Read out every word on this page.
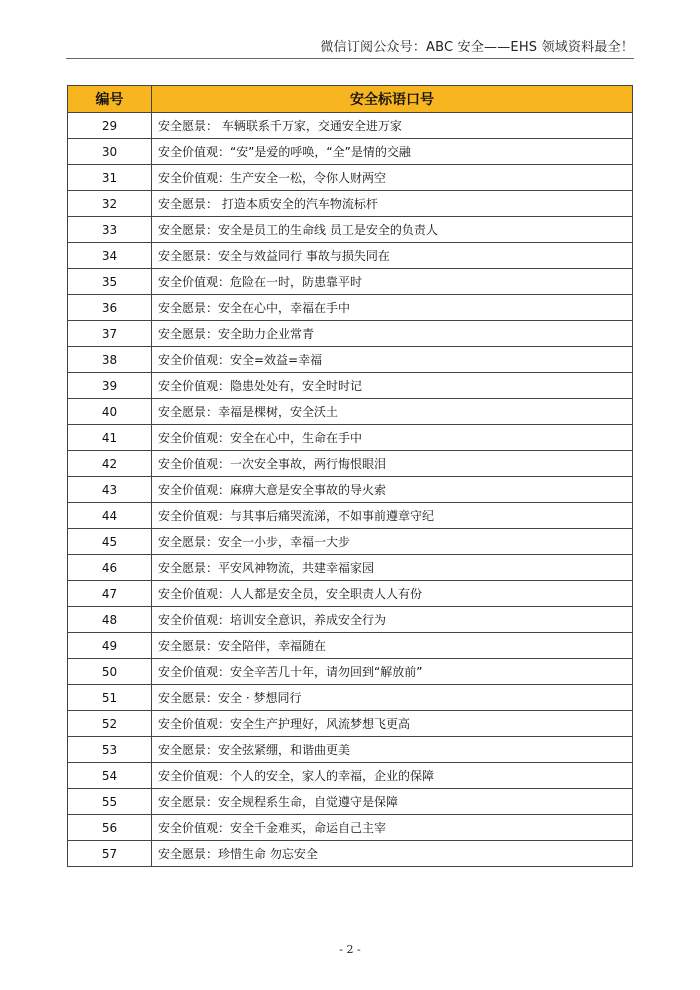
微信订阅公众号：ABC 安全——EHS 领域资料最全！
编号	安全标语口号
29	安全愿景： 车辆联系千万家，交通安全进万家
30	安全价值观：“安”是爱的呼唤，“全”是情的交融
31	安全价值观：生产安全一松，令你人财两空
32	安全愿景： 打造本质安全的汽车物流标杆
33	安全愿景：安全是员工的生命线 员工是安全的负责人
34	安全愿景：安全与效益同行 事故与损失同在
35	安全价值观：危险在一时，防患靠平时
36	安全愿景：安全在心中，幸福在手中
37	安全愿景：安全助力企业常青
38	安全价值观：安全=效益=幸福
39	安全价值观：隐患处处有，安全时时记
40	安全愿景：幸福是棵树，安全沃土
41	安全价值观：安全在心中，生命在手中
42	安全价值观：一次安全事故，两行悔恨眼泪
43	安全价值观：麻痹大意是安全事故的导火索
44	安全价值观：与其事后痛哭流涕，不如事前遵章守纪
45	安全愿景：安全一小步，幸福一大步
46	安全愿景：平安风神物流，共建幸福家园
47	安全价值观：人人都是安全员，安全职责人人有份
48	安全价值观：培训安全意识，养成安全行为
49	安全愿景：安全陪伴，幸福随在
50	安全价值观：安全辛苦几十年，请勿回到“解放前”
51	安全愿景：安全 · 梦想同行
52	安全价值观：安全生产护理好，风流梦想飞更高
53	安全愿景：安全弦紧绷，和谐曲更美
54	安全价值观：个人的安全，家人的幸福，企业的保障
55	安全愿景：安全规程系生命，自觉遵守是保障
56	安全价值观：安全千金难买，命运自己主宰
57	安全愿景：珍惜生命 勿忘安全
- 2 -
